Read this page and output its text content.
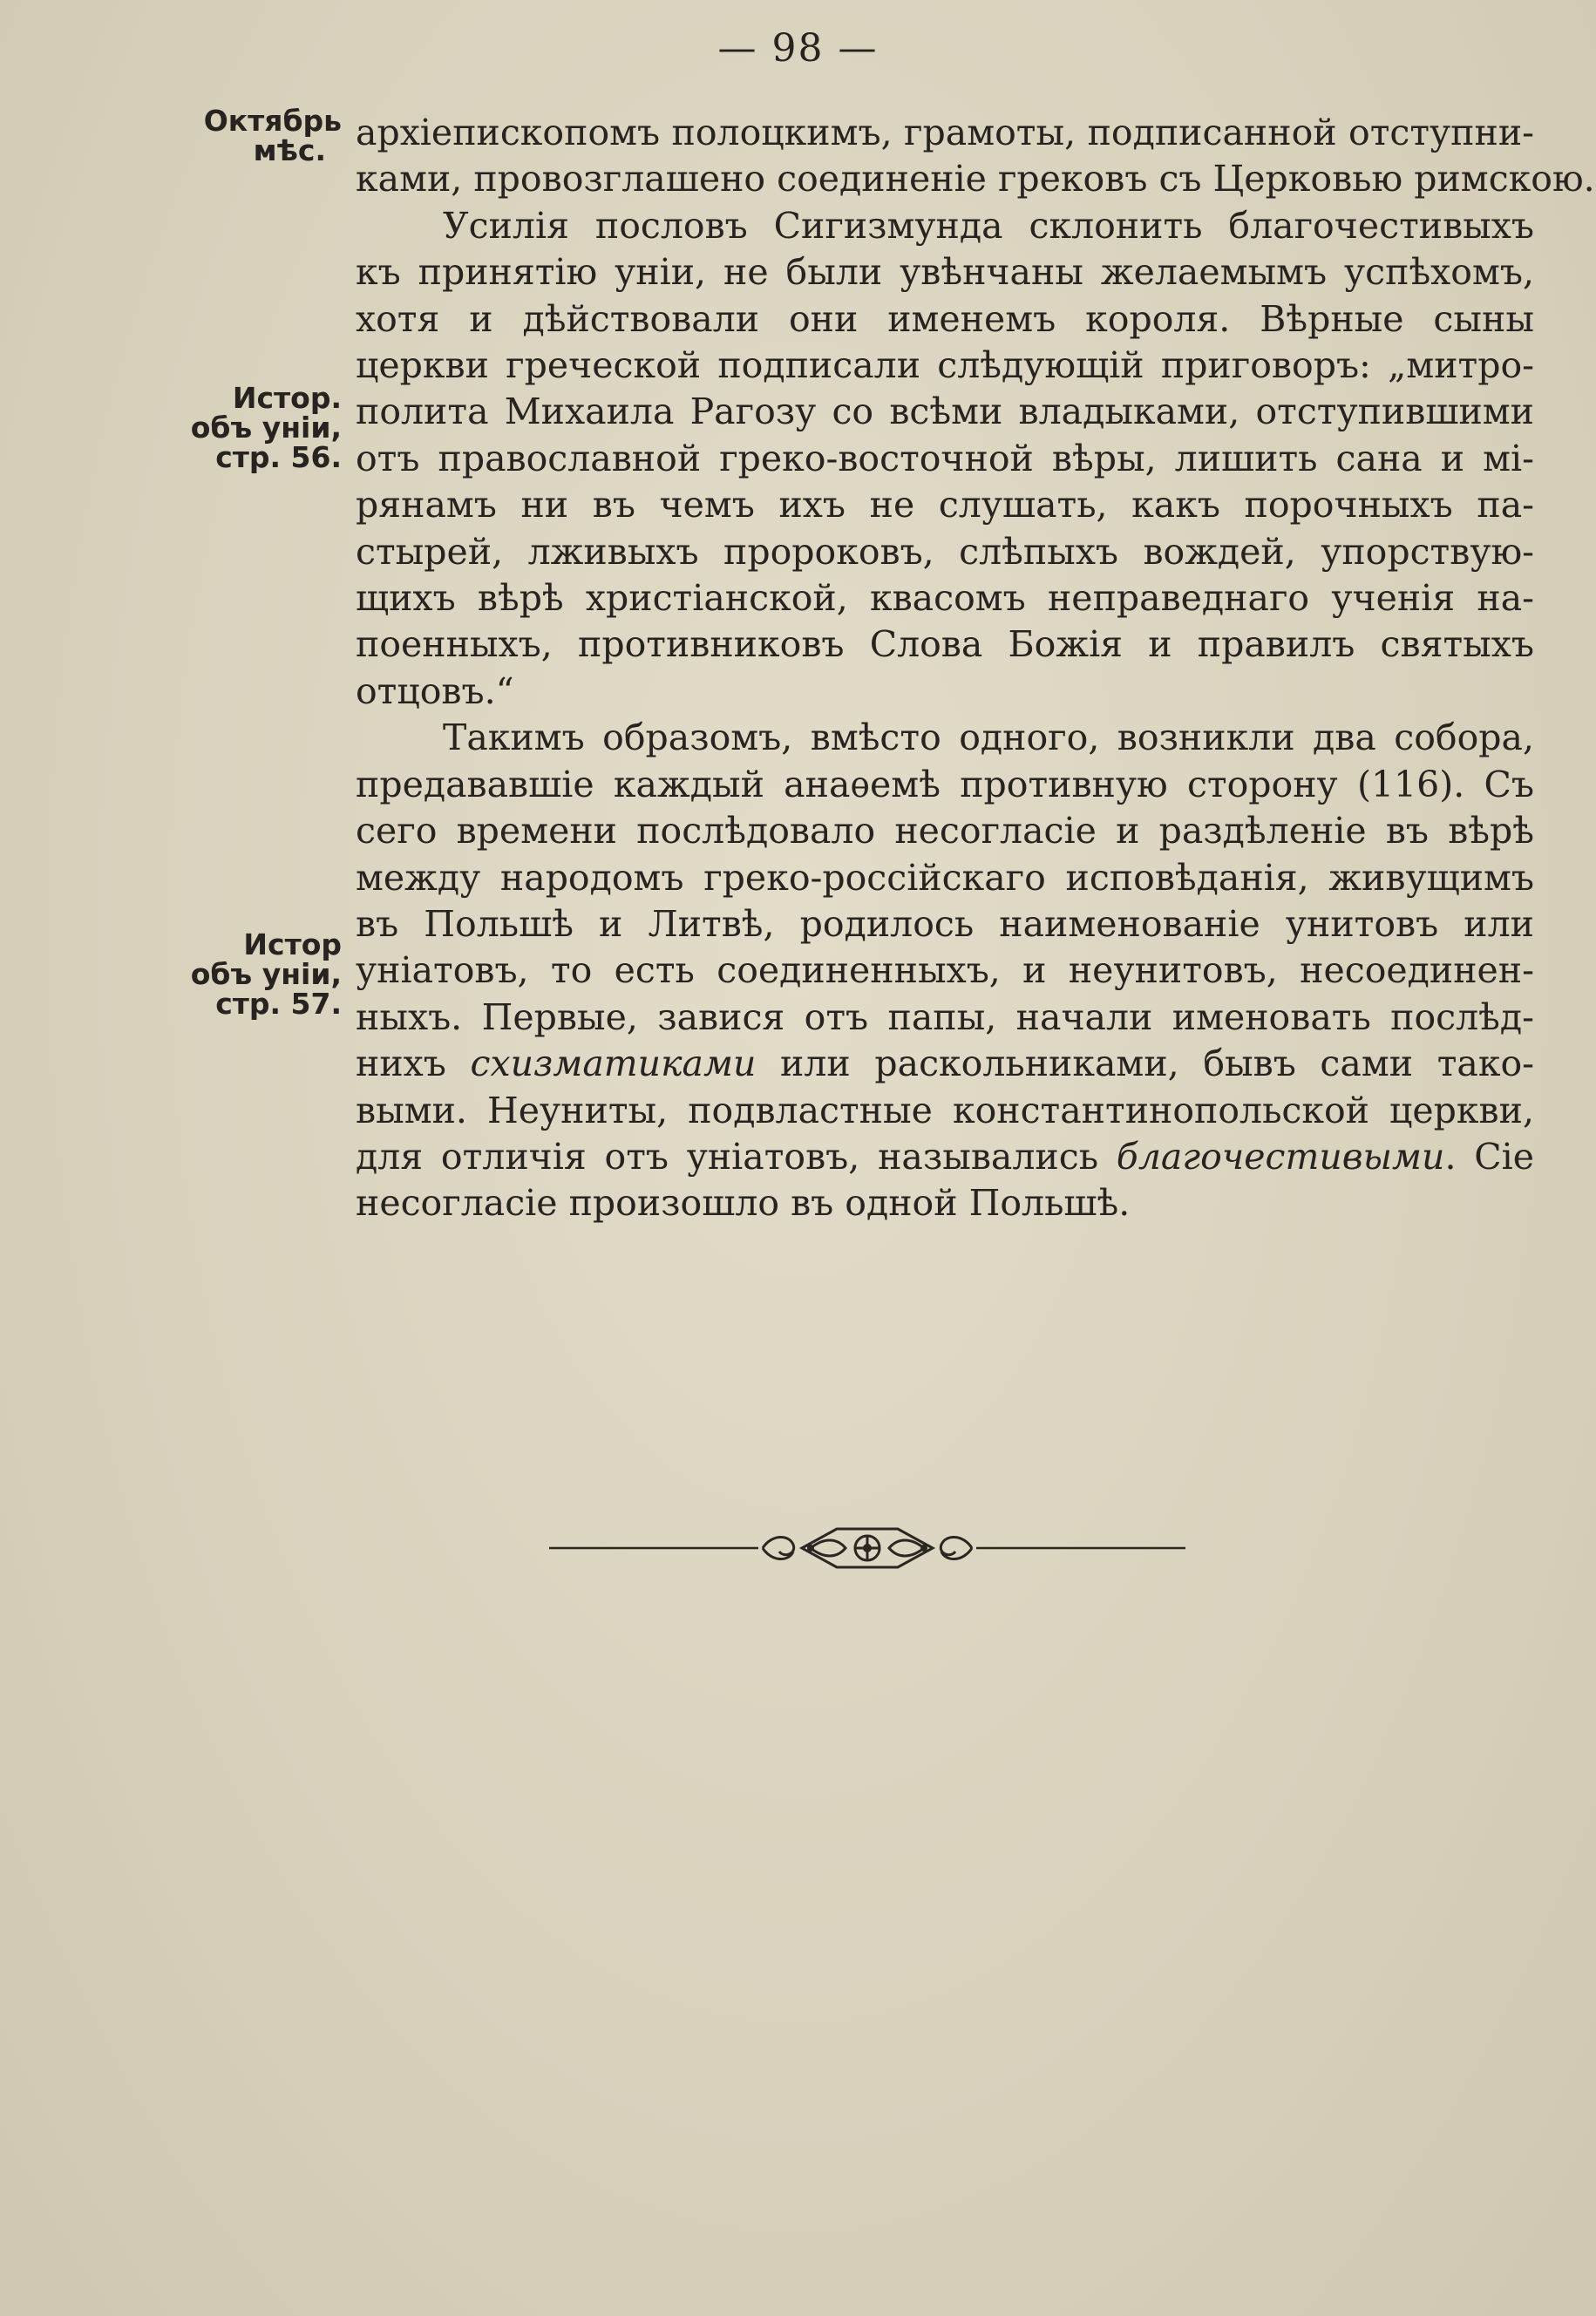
— 98 —
Октябрь
мѣс.
Истор.
объ уніи,
стр. 56.
Истор
объ уніи,
стр. 57.

архіепископомъ полоцкимъ, грамоты, подписанной отступни-
ками, провозглашено соединеніе грековъ съ Церковью римскою.

Усилія пословъ Сигизмунда склонить благочестивыхъ
къ принятію уніи, не были увѣнчаны желаемымъ успѣхомъ,
хотя и дѣйствовали они именемъ короля. Вѣрные сыны
церкви греческой подписали слѣдующій приговоръ: „митро-
полита Михаила Рагозу со всѣми владыками, отступившими
отъ православной греко-восточной вѣры, лишить сана и мі-
рянамъ ни въ чемъ ихъ не слушать, какъ порочныхъ па-
стырей, лживыхъ пророковъ, слѣпыхъ вождей, упорствую-
щихъ вѣрѣ христіанской, квасомъ неправеднаго ученія на-
поенныхъ, противниковъ Слова Божія и правилъ святыхъ
отцовъ.“

Такимъ образомъ, вмѣсто одного, возникли два собора,
предававшіе каждый анаѳемѣ противную сторону (116). Съ
сего времени послѣдовало несогласіе и раздѣленіе въ вѣрѣ
между народомъ греко-россійскаго исповѣданія, живущимъ
въ Польшѣ и Литвѣ, родилось наименованіе унитовъ или
уніатовъ, то есть соединенныхъ, и неунитовъ, несоединен-
ныхъ. Первые, завися отъ папы, начали именовать послѣд-
нихъ схизматиками или раскольниками, бывъ сами тако-
выми. Неуниты, подвластные константинопольской церкви,
для отличія отъ уніатовъ, назывались благочестивыми. Сіе
несогласіе произошло въ одной Польшѣ.
